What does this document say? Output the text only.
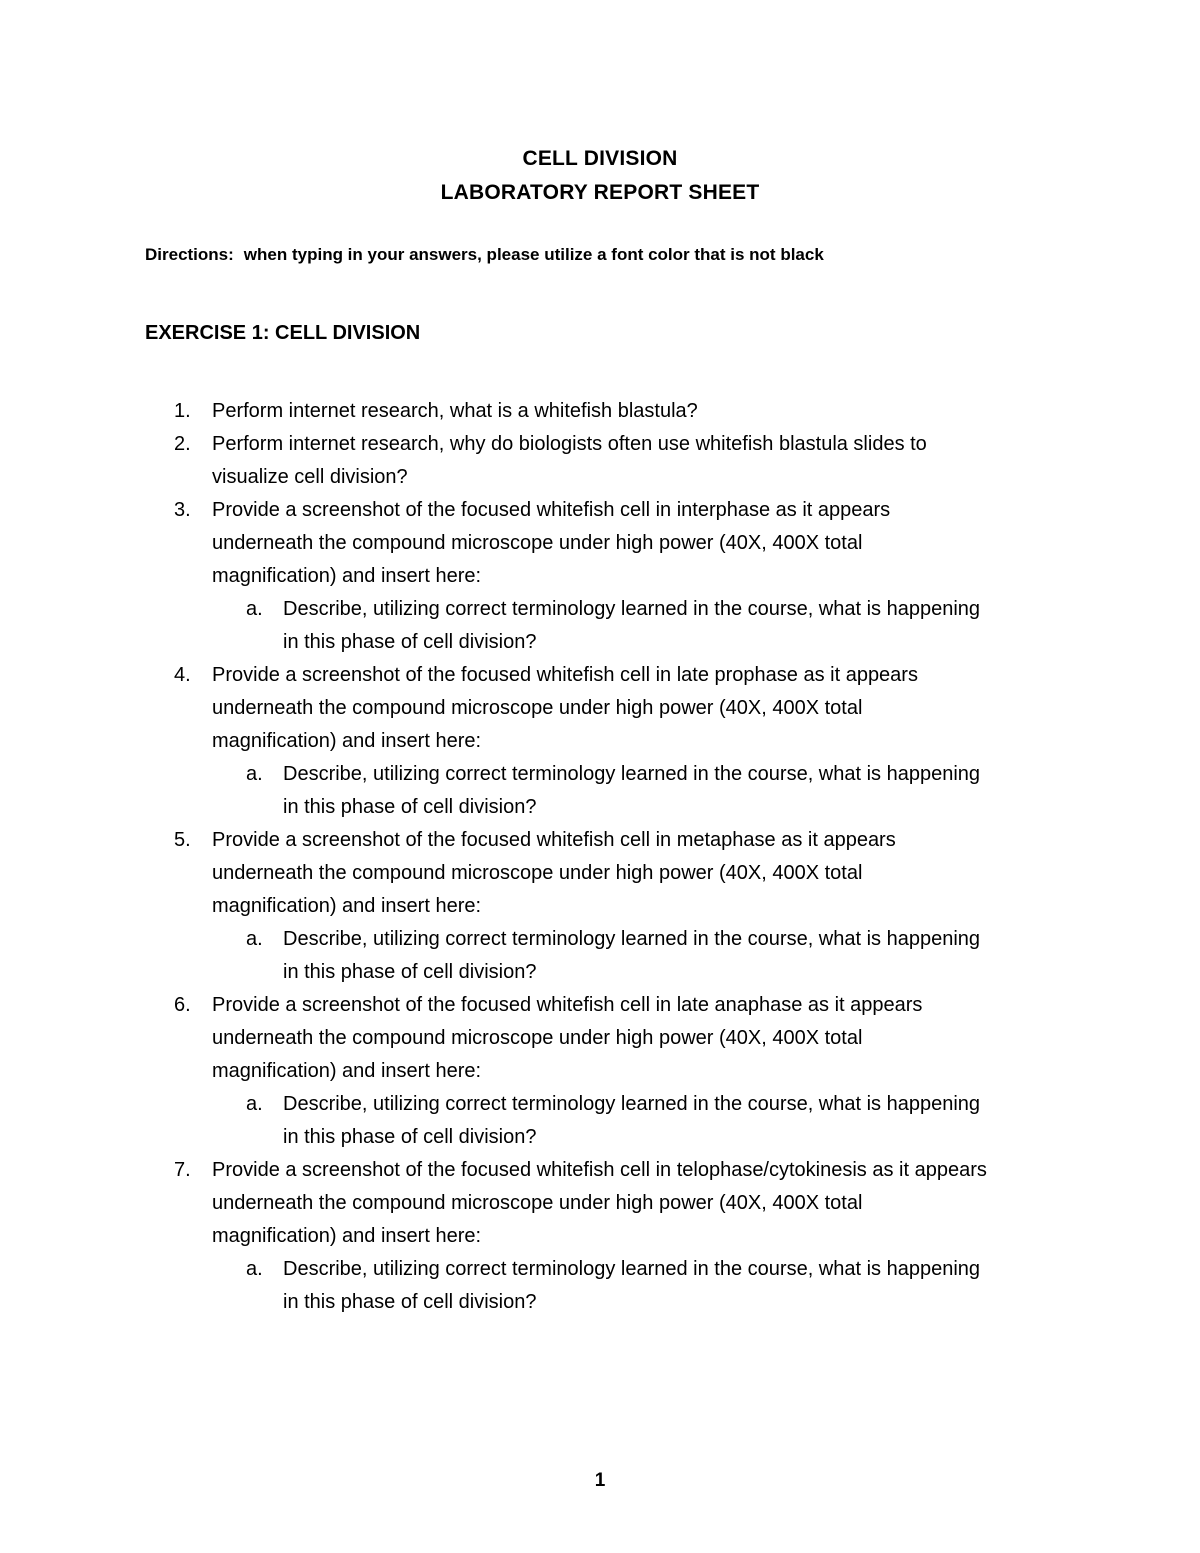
CELL DIVISION
LABORATORY REPORT SHEET
Directions: when typing in your answers, please utilize a font color that is not black
EXERCISE 1: CELL DIVISION
1.	Perform internet research, what is a whitefish blastula?
2.	Perform internet research, why do biologists often use whitefish blastula slides to
visualize cell division?
3.	Provide a screenshot of the focused whitefish cell in interphase as it appears
underneath the compound microscope under high power (40X, 400X total
magnification) and insert here:
a.	Describe, utilizing correct terminology learned in the course, what is happening
in this phase of cell division?
4.	Provide a screenshot of the focused whitefish cell in late prophase as it appears
underneath the compound microscope under high power (40X, 400X total
magnification) and insert here:
a.	Describe, utilizing correct terminology learned in the course, what is happening
in this phase of cell division?
5.	Provide a screenshot of the focused whitefish cell in metaphase as it appears
underneath the compound microscope under high power (40X, 400X total
magnification) and insert here:
a.	Describe, utilizing correct terminology learned in the course, what is happening
in this phase of cell division?
6.	Provide a screenshot of the focused whitefish cell in late anaphase as it appears
underneath the compound microscope under high power (40X, 400X total
magnification) and insert here:
a.	Describe, utilizing correct terminology learned in the course, what is happening
in this phase of cell division?
7.	Provide a screenshot of the focused whitefish cell in telophase/cytokinesis as it appears
underneath the compound microscope under high power (40X, 400X total
magnification) and insert here:
a.	Describe, utilizing correct terminology learned in the course, what is happening
in this phase of cell division?
1
